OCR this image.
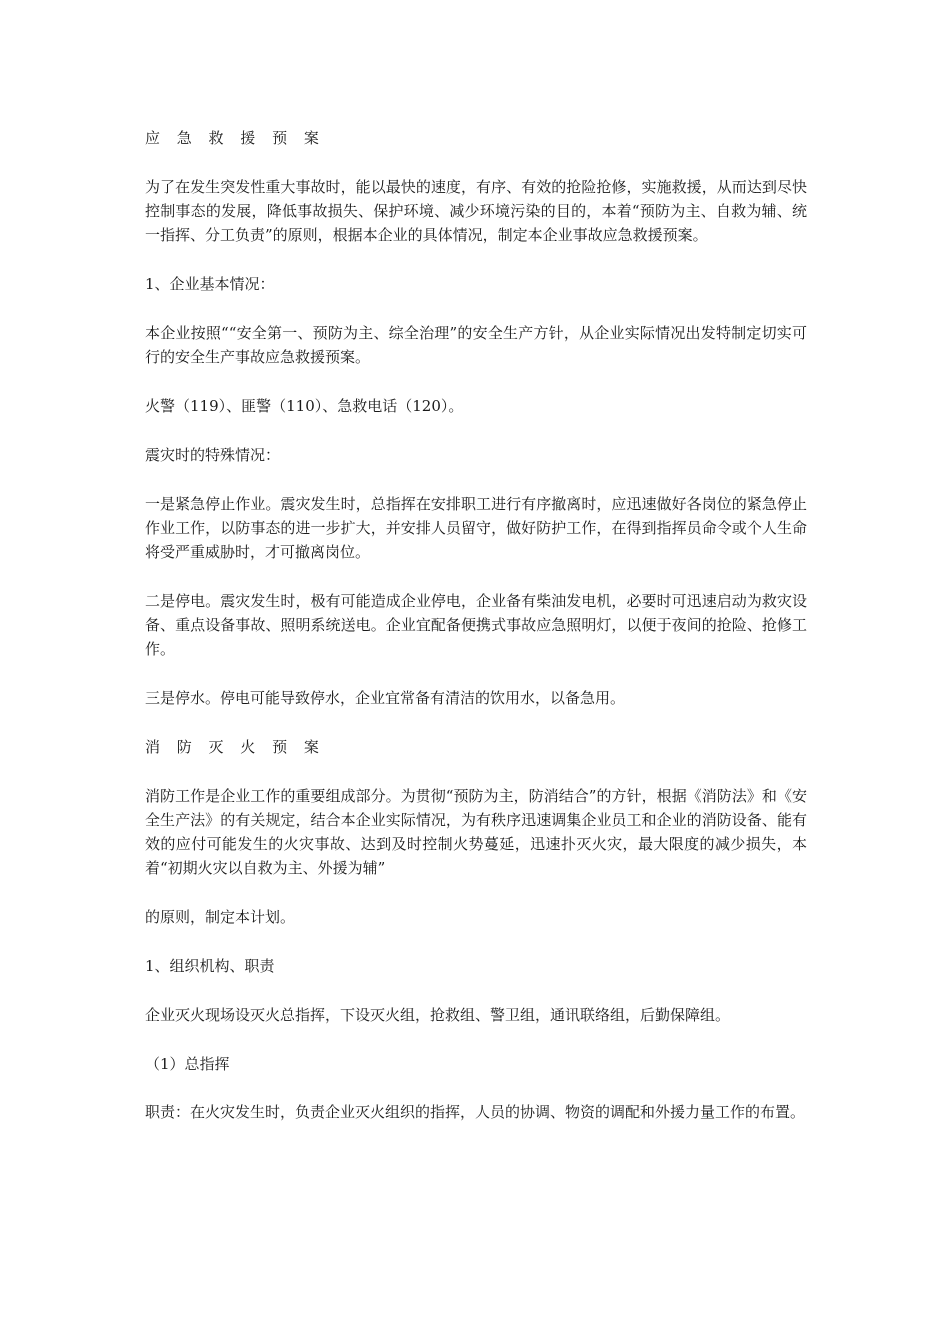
应 急 救 援 预 案

为了在发生突发性重大事故时，能以最快的速度，有序、有效的抢险抢修，实施救援，从而达到尽快控制事态的发展，降低事故损失、保护环境、减少环境污染的目的，本着“预防为主、自救为辅、统一指挥、分工负责”的原则，根据本企业的具体情况，制定本企业事故应急救援预案。

1、企业基本情况：

本企业按照““安全第一、预防为主、综全治理”的安全生产方针，从企业实际情况出发特制定切实可行的安全生产事故应急救援预案。

火警（119）、匪警（110）、急救电话（120）。

震灾时的特殊情况：

一是紧急停止作业。震灾发生时，总指挥在安排职工进行有序撤离时，应迅速做好各岗位的紧急停止作业工作，以防事态的进一步扩大，并安排人员留守，做好防护工作，在得到指挥员命令或个人生命将受严重威胁时，才可撤离岗位。

二是停电。震灾发生时，极有可能造成企业停电，企业备有柴油发电机，必要时可迅速启动为救灾设备、重点设备事故、照明系统送电。企业宜配备便携式事故应急照明灯，以便于夜间的抢险、抢修工作。

三是停水。停电可能导致停水，企业宜常备有清洁的饮用水，以备急用。

消 防 灭 火 预 案

消防工作是企业工作的重要组成部分。为贯彻“预防为主，防消结合”的方针，根据《消防法》和《安全生产法》的有关规定，结合本企业实际情况，为有秩序迅速调集企业员工和企业的消防设备、能有效的应付可能发生的火灾事故、达到及时控制火势蔓延，迅速扑灭火灾，最大限度的减少损失，本着“初期火灾以自救为主、外援为辅”

的原则，制定本计划。

1、组织机构、职责

企业灭火现场设灭火总指挥，下设灭火组，抢救组、警卫组，通讯联络组，后勤保障组。

（1）总指挥

职责：在火灾发生时，负责企业灭火组织的指挥，人员的协调、物资的调配和外援力量工作的布置。
